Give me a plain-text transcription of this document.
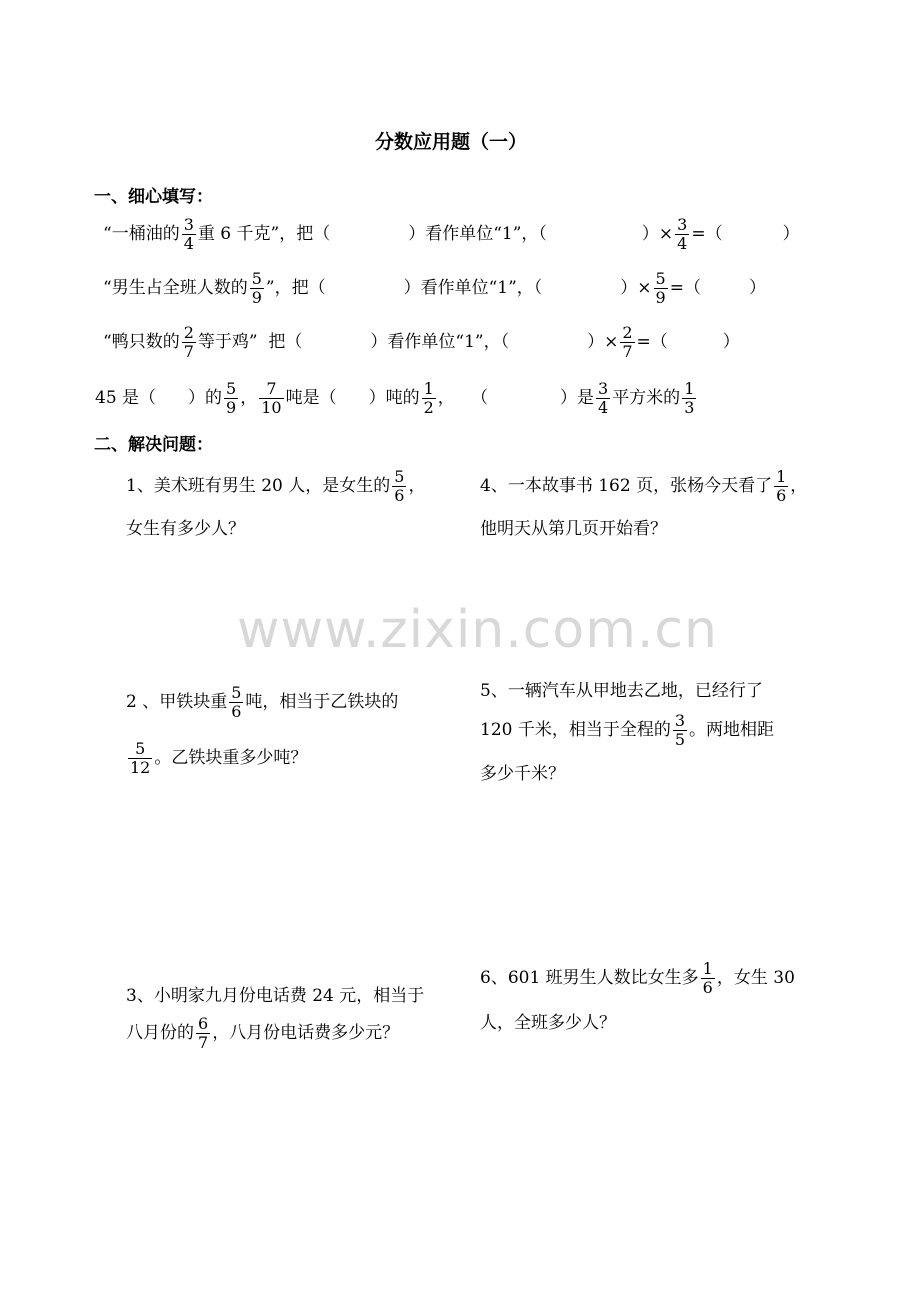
分数应用题（一）
www.zixin.com.cn
一、细心填写：
“一桶油的 $\frac{3}{4}$ 重 6 千克”，把（	）看作单位“1”，（	）× $\frac{3}{4}$ =（	）
“男生占全班人数的 $\frac{5}{9}$ ”，把（	）看作单位“1”，（	）× $\frac{5}{9}$ =（	）
“鸭只数的 $\frac{2}{7}$ 等于鸡”  把（	）看作单位“1”，（	）× $\frac{2}{7}$ =（	）
45 是（ ）的 $\frac{5}{9}$ ， $\frac{7}{10}$ 吨是（ ）吨的 $\frac{1}{2}$ ，   （	）是 $\frac{3}{4}$ 平方米的 $\frac{1}{3}$
二、解决问题：
1、美术班有男生 20 人，是女生的 $\frac{5}{6}$ ，
女生有多少人？
4、一本故事书 162 页，张杨今天看了 $\frac{1}{6}$ ，
他明天从第几页开始看？
2 、甲铁块重 $\frac{5}{6}$ 吨，相当于乙铁块的
$\frac{5}{12}$ 。乙铁块重多少吨？
5、一辆汽车从甲地去乙地，已经行了
120 千米，相当于全程的 $\frac{3}{5}$ 。两地相距
多少千米？
3、小明家九月份电话费 24 元，相当于
八月份的 $\frac{6}{7}$ ，八月份电话费多少元？
6、601 班男生人数比女生多 $\frac{1}{6}$ ，女生 30
人，全班多少人？
